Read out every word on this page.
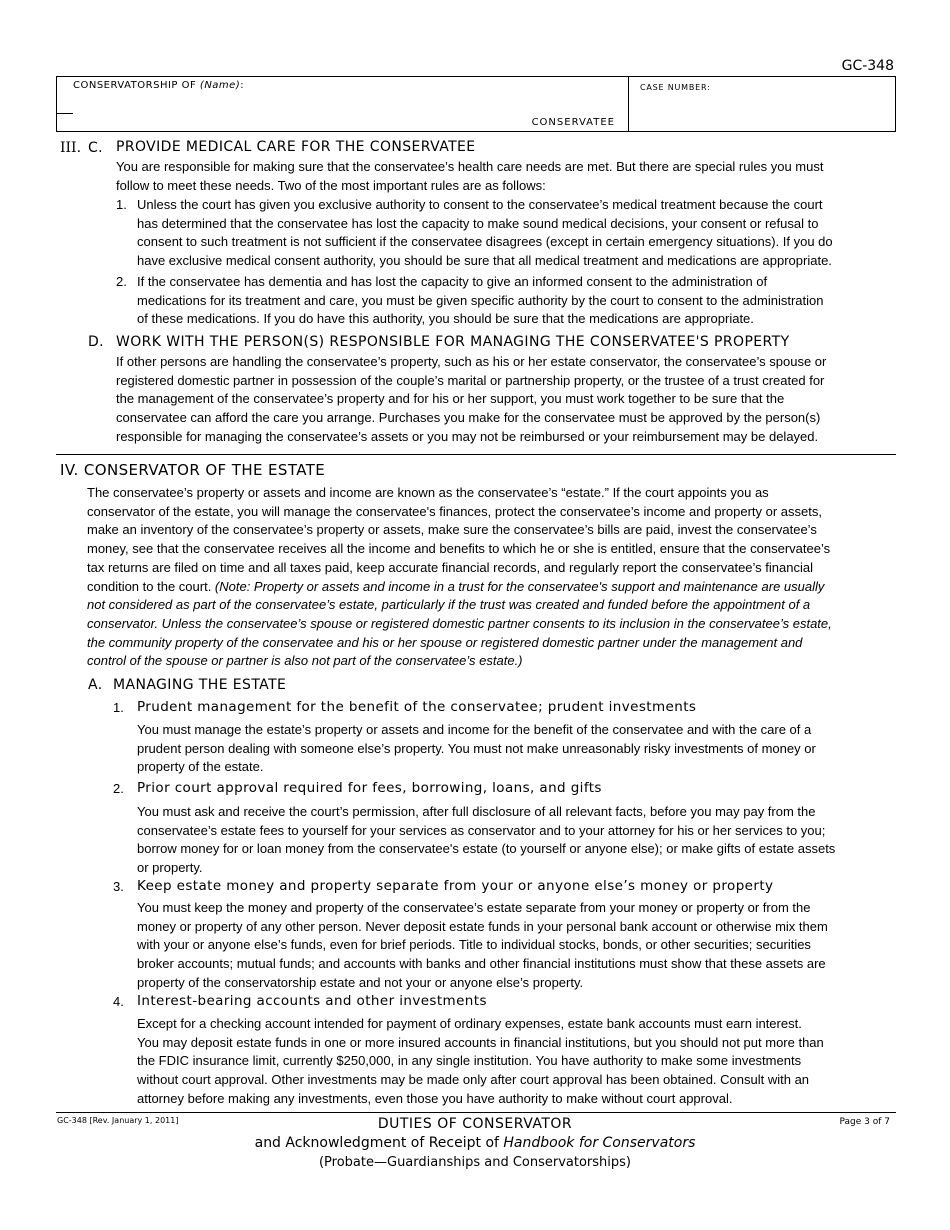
GC-348
CONSERVATORSHIP OF (Name):
CONSERVATEE
CASE NUMBER:
III. C. PROVIDE MEDICAL CARE FOR THE CONSERVATEE
You are responsible for making sure that the conservatee’s health care needs are met. But there are special rules you must
follow to meet these needs. Two of the most important rules are as follows:
1. Unless the court has given you exclusive authority to consent to the conservatee’s medical treatment because the court
has determined that the conservatee has lost the capacity to make sound medical decisions, your consent or refusal to
consent to such treatment is not sufficient if the conservatee disagrees (except in certain emergency situations). If you do
have exclusive medical consent authority, you should be sure that all medical treatment and medications are appropriate.
2. If the conservatee has dementia and has lost the capacity to give an informed consent to the administration of
medications for its treatment and care, you must be given specific authority by the court to consent to the administration
of these medications. If you do have this authority, you should be sure that the medications are appropriate.
D. WORK WITH THE PERSON(S) RESPONSIBLE FOR MANAGING THE CONSERVATEE'S PROPERTY
If other persons are handling the conservatee’s property, such as his or her estate conservator, the conservatee’s spouse or
registered domestic partner in possession of the couple’s marital or partnership property, or the trustee of a trust created for
the management of the conservatee’s property and for his or her support, you must work together to be sure that the
conservatee can afford the care you arrange. Purchases you make for the conservatee must be approved by the person(s)
responsible for managing the conservatee’s assets or you may not be reimbursed or your reimbursement may be delayed.
IV. CONSERVATOR OF THE ESTATE
The conservatee’s property or assets and income are known as the conservatee’s “estate.” If the court appoints you as
conservator of the estate, you will manage the conservatee's finances, protect the conservatee’s income and property or assets,
make an inventory of the conservatee’s property or assets, make sure the conservatee’s bills are paid, invest the conservatee’s
money, see that the conservatee receives all the income and benefits to which he or she is entitled, ensure that the conservatee’s
tax returns are filed on time and all taxes paid, keep accurate financial records, and regularly report the conservatee’s financial
condition to the court. (Note: Property or assets and income in a trust for the conservatee's support and maintenance are usually
not considered as part of the conservatee’s estate, particularly if the trust was created and funded before the appointment of a
conservator. Unless the conservatee’s spouse or registered domestic partner consents to its inclusion in the conservatee’s estate,
the community property of the conservatee and his or her spouse or registered domestic partner under the management and
control of the spouse or partner is also not part of the conservatee’s estate.)
A. MANAGING THE ESTATE
1. Prudent management for the benefit of the conservatee; prudent investments
You must manage the estate’s property or assets and income for the benefit of the conservatee and with the care of a
prudent person dealing with someone else’s property. You must not make unreasonably risky investments of money or
property of the estate.
2. Prior court approval required for fees, borrowing, loans, and gifts
You must ask and receive the court’s permission, after full disclosure of all relevant facts, before you may pay from the
conservatee’s estate fees to yourself for your services as conservator and to your attorney for his or her services to you;
borrow money for or loan money from the conservatee's estate (to yourself or anyone else); or make gifts of estate assets
or property.
3. Keep estate money and property separate from your or anyone else’s money or property
You must keep the money and property of the conservatee’s estate separate from your money or property or from the
money or property of any other person. Never deposit estate funds in your personal bank account or otherwise mix them
with your or anyone else’s funds, even for brief periods. Title to individual stocks, bonds, or other securities; securities
broker accounts; mutual funds; and accounts with banks and other financial institutions must show that these assets are
property of the conservatorship estate and not your or anyone else’s property.
4. Interest-bearing accounts and other investments
Except for a checking account intended for payment of ordinary expenses, estate bank accounts must earn interest.
You may deposit estate funds in one or more insured accounts in financial institutions, but you should not put more than
the FDIC insurance limit, currently $250,000, in any single institution. You have authority to make some investments
without court approval. Other investments may be made only after court approval has been obtained. Consult with an
attorney before making any investments, even those you have authority to make without court approval.
GC-348 [Rev. January 1, 2011]	Page 3 of 7
DUTIES OF CONSERVATOR
and Acknowledgment of Receipt of Handbook for Conservators
(Probate—Guardianships and Conservatorships)
